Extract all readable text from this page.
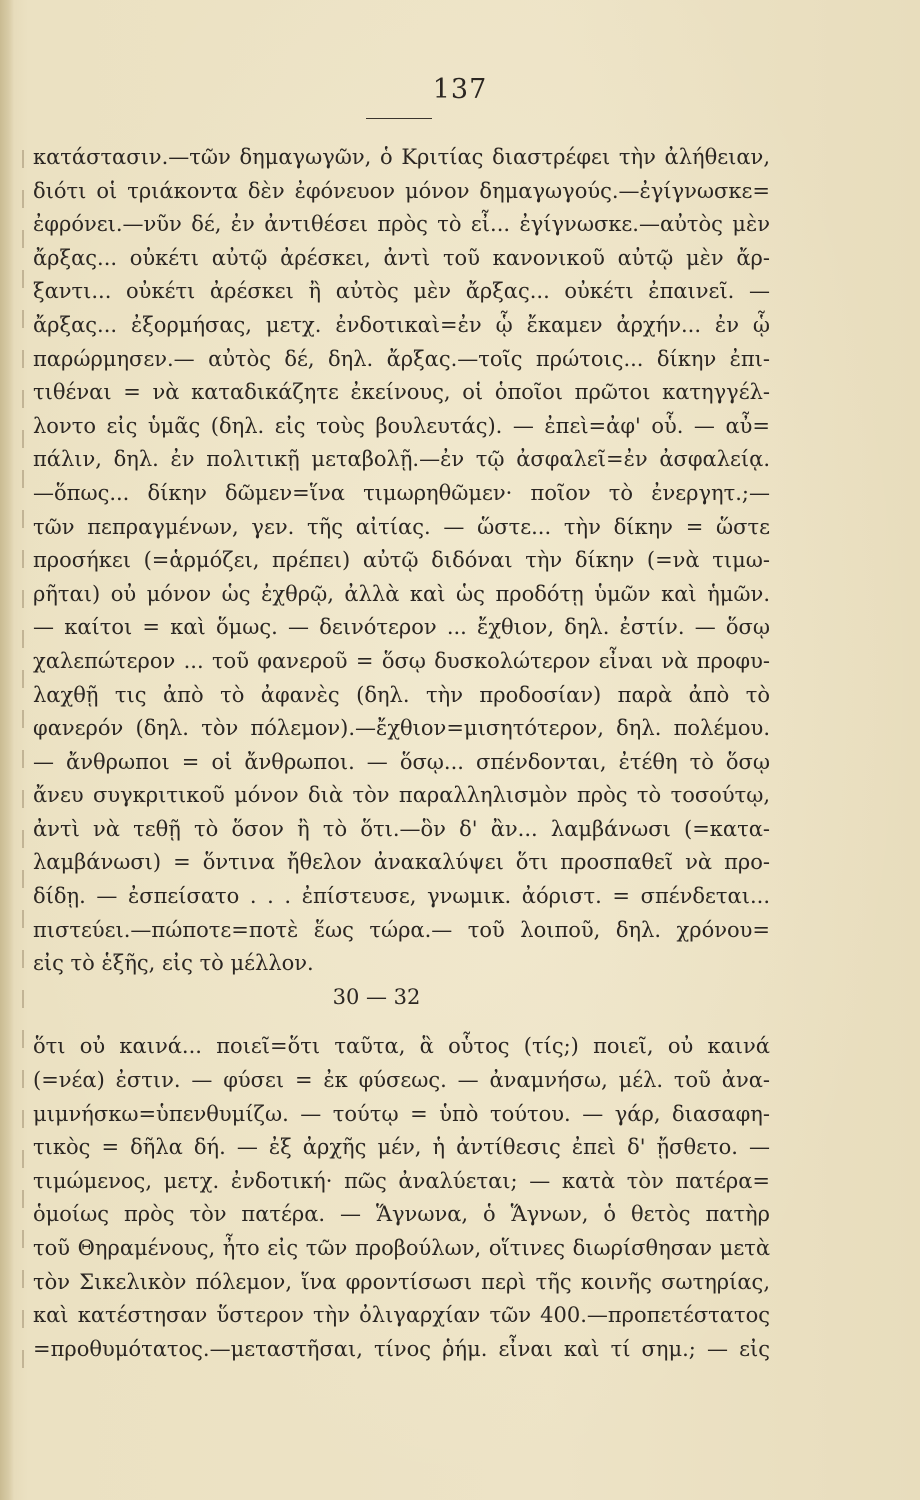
137
κατάστασιν.—τῶν δημαγωγῶν, ὁ Κριτίας διαστρέφει τὴν ἀλήθειαν,
διότι οἱ τριάκοντα δὲν ἐφόνευον μόνον δημαγωγούς.—ἐγίγνωσκε=
ἐφρόνει.—νῦν δέ, ἐν ἀντιθέσει πρὸς τὸ εἶ... ἐγίγνωσκε.—αὐτὸς μὲν
ἄρξας... οὐκέτι αὐτῷ ἀρέσκει, ἀντὶ τοῦ κανονικοῦ αὐτῷ μὲν ἄρ-
ξαντι... οὐκέτι ἀρέσκει ἢ αὐτὸς μὲν ἄρξας... οὐκέτι ἐπαινεῖ. —
ἄρξας... ἐξορμήσας, μετχ. ἐνδοτικαὶ=ἐν ᾧ ἔκαμεν ἀρχήν... ἐν ᾧ
παρώρμησεν.— αὐτὸς δέ, δηλ. ἄρξας.—τοῖς πρώτοις... δίκην ἐπι-
τιθέναι = νὰ καταδικάζητε ἐκείνους, οἱ ὁποῖοι πρῶτοι κατηγγέλ-
λοντο εἰς ὑμᾶς (δηλ. εἰς τοὺς βουλευτάς). — ἐπεὶ=ἀφ' οὗ. — αὖ=
πάλιν, δηλ. ἐν πολιτικῇ μεταβολῇ.—ἐν τῷ ἀσφαλεῖ=ἐν ἀσφαλείᾳ.
—ὅπως... δίκην δῶμεν=ἵνα τιμωρηθῶμεν· ποῖον τὸ ἐνεργητ.;—
τῶν πεπραγμένων, γεν. τῆς αἰτίας. — ὥστε... τὴν δίκην = ὥστε
προσήκει (=ἁρμόζει, πρέπει) αὐτῷ διδόναι τὴν δίκην (=νὰ τιμω-
ρῆται) οὐ μόνον ὡς ἐχθρῷ, ἀλλὰ καὶ ὡς προδότῃ ὑμῶν καὶ ἡμῶν.
— καίτοι = καὶ ὅμως. — δεινότερον ... ἔχθιον, δηλ. ἐστίν. — ὅσῳ
χαλεπώτερον ... τοῦ φανεροῦ = ὅσῳ δυσκολώτερον εἶναι νὰ προφυ-
λαχθῇ τις ἀπὸ τὸ ἀφανὲς (δηλ. τὴν προδοσίαν) παρὰ ἀπὸ τὸ
φανερόν (δηλ. τὸν πόλεμον).—ἔχθιον=μισητότερον, δηλ. πολέμου.
— ἄνθρωποι = οἱ ἄνθρωποι. — ὅσῳ... σπένδονται, ἐτέθη τὸ ὅσῳ
ἄνευ συγκριτικοῦ μόνον διὰ τὸν παραλληλισμὸν πρὸς τὸ τοσούτῳ,
ἀντὶ νὰ τεθῇ τὸ ὅσον ἢ τὸ ὅτι.—ὃν δ' ἂν... λαμβάνωσι (=κατα-
λαμβάνωσι) = ὅντινα ἤθελον ἀνακαλύψει ὅτι προσπαθεῖ νὰ προ-
δίδῃ. — ἐσπείσατο . . . ἐπίστευσε, γνωμικ. ἀόριστ. = σπένδεται...
πιστεύει.—πώποτε=ποτὲ ἕως τώρα.— τοῦ λοιποῦ, δηλ. χρόνου=
εἰς τὸ ἑξῆς, εἰς τὸ μέλλον.
30 — 32
ὅτι οὐ καινά... ποιεῖ=ὅτι ταῦτα, ἃ οὗτος (τίς;) ποιεῖ, οὐ καινά
(=νέα) ἐστιν. — φύσει = ἐκ φύσεως. — ἀναμνήσω, μέλ. τοῦ ἀνα-
μιμνήσκω=ὑπενθυμίζω. — τούτῳ = ὑπὸ τούτου. — γάρ, διασαφη-
τικὸς = δῆλα δή. — ἐξ ἀρχῆς μέν, ἡ ἀντίθεσις ἐπεὶ δ' ᾔσθετο. —
τιμώμενος, μετχ. ἐνδοτική· πῶς ἀναλύεται; — κατὰ τὸν πατέρα=
ὁμοίως πρὸς τὸν πατέρα. — Ἅγνωνα, ὁ Ἅγνων, ὁ θετὸς πατὴρ
τοῦ Θηραμένους, ἦτο εἰς τῶν προβούλων, οἵτινες διωρίσθησαν μετὰ
τὸν Σικελικὸν πόλεμον, ἵνα φροντίσωσι περὶ τῆς κοινῆς σωτηρίας,
καὶ κατέστησαν ὕστερον τὴν ὀλιγαρχίαν τῶν 400.—προπετέστατος
=προθυμότατος.—μεταστῆσαι, τίνος ῥήμ. εἶναι καὶ τί σημ.; — εἰς
